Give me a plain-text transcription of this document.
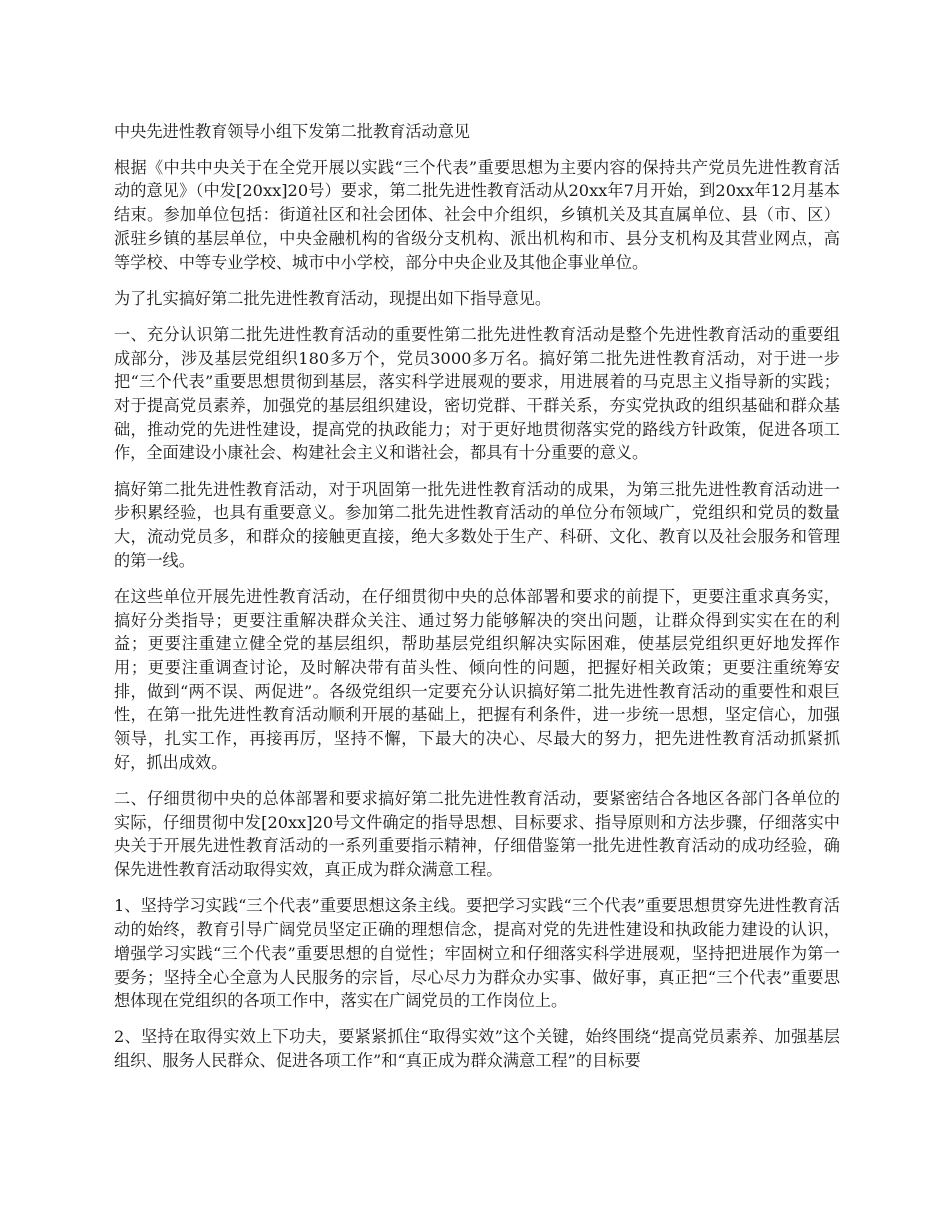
中央先进性教育领导小组下发第二批教育活动意见

根据《中共中央关于在全党开展以实践“三个代表”重要思想为主要内容的保持共产党员先进性教育活动的意见》（中发[20xx]20号）要求，第二批先进性教育活动从20xx年7月开始，到20xx年12月基本结束。参加单位包括：街道社区和社会团体、社会中介组织，乡镇机关及其直属单位、县（市、区）派驻乡镇的基层单位，中央金融机构的省级分支机构、派出机构和市、县分支机构及其营业网点，高等学校、中等专业学校、城市中小学校，部分中央企业及其他企事业单位。

为了扎实搞好第二批先进性教育活动，现提出如下指导意见。

一、充分认识第二批先进性教育活动的重要性第二批先进性教育活动是整个先进性教育活动的重要组成部分，涉及基层党组织180多万个，党员3000多万名。搞好第二批先进性教育活动，对于进一步把“三个代表”重要思想贯彻到基层，落实科学进展观的要求，用进展着的马克思主义指导新的实践；对于提高党员素养，加强党的基层组织建设，密切党群、干群关系，夯实党执政的组织基础和群众基础，推动党的先进性建设，提高党的执政能力；对于更好地贯彻落实党的路线方针政策，促进各项工作，全面建设小康社会、构建社会主义和谐社会，都具有十分重要的意义。

搞好第二批先进性教育活动，对于巩固第一批先进性教育活动的成果，为第三批先进性教育活动进一步积累经验，也具有重要意义。参加第二批先进性教育活动的单位分布领域广，党组织和党员的数量大，流动党员多，和群众的接触更直接，绝大多数处于生产、科研、文化、教育以及社会服务和管理的第一线。

在这些单位开展先进性教育活动，在仔细贯彻中央的总体部署和要求的前提下，更要注重求真务实，搞好分类指导；更要注重解决群众关注、通过努力能够解决的突出问题，让群众得到实实在在的利益；更要注重建立健全党的基层组织，帮助基层党组织解决实际困难，使基层党组织更好地发挥作用；更要注重调查讨论，及时解决带有苗头性、倾向性的问题，把握好相关政策；更要注重统筹安排，做到“两不误、两促进”。各级党组织一定要充分认识搞好第二批先进性教育活动的重要性和艰巨性，在第一批先进性教育活动顺利开展的基础上，把握有利条件，进一步统一思想，坚定信心，加强领导，扎实工作，再接再厉，坚持不懈，下最大的决心、尽最大的努力，把先进性教育活动抓紧抓好，抓出成效。

二、仔细贯彻中央的总体部署和要求搞好第二批先进性教育活动，要紧密结合各地区各部门各单位的实际，仔细贯彻中发[20xx]20号文件确定的指导思想、目标要求、指导原则和方法步骤，仔细落实中央关于开展先进性教育活动的一系列重要指示精神，仔细借鉴第一批先进性教育活动的成功经验，确保先进性教育活动取得实效，真正成为群众满意工程。

1、坚持学习实践“三个代表”重要思想这条主线。要把学习实践“三个代表”重要思想贯穿先进性教育活动的始终，教育引导广阔党员坚定正确的理想信念，提高对党的先进性建设和执政能力建设的认识，增强学习实践“三个代表”重要思想的自觉性；牢固树立和仔细落实科学进展观，坚持把进展作为第一要务；坚持全心全意为人民服务的宗旨，尽心尽力为群众办实事、做好事，真正把“三个代表”重要思想体现在党组织的各项工作中，落实在广阔党员的工作岗位上。

2、坚持在取得实效上下功夫，要紧紧抓住“取得实效”这个关键，始终围绕“提高党员素养、加强基层组织、服务人民群众、促进各项工作”和“真正成为群众满意工程”的目标要
